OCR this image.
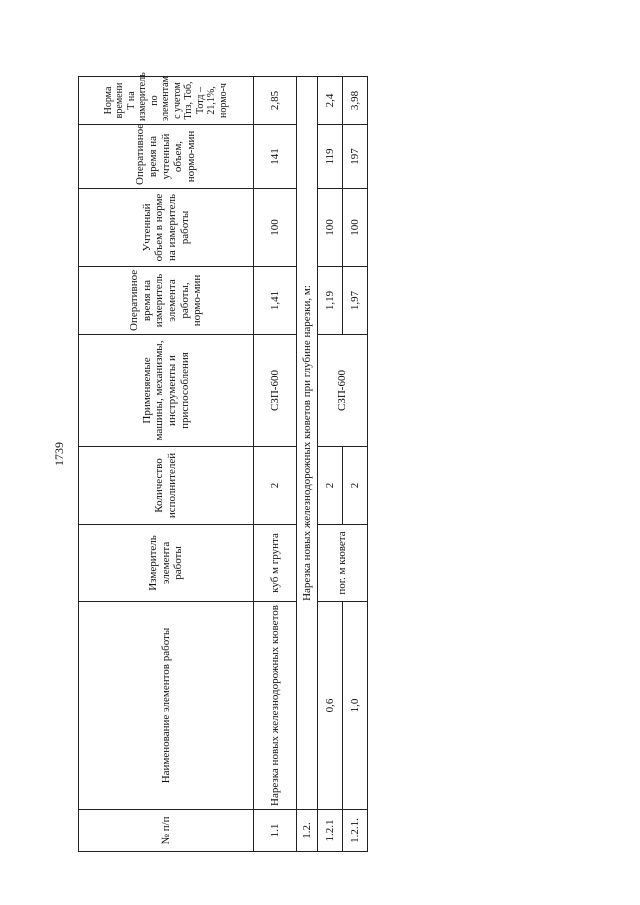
1739
№ п/п	Наименование элементов работы	Измеритель элемента работы	Количество исполнителей	Применяемые машины, механизмы, инструменты и приспособления	Оперативное время на измеритель элемента работы, нормо-мин	Учтенный объем в норме на измеритель работы	Оперативное время на учтенный объем, нормо-мин	Норма времени Т на измеритель по элементам с учетом Тпз, Тоб, Тотд – 21,1%, нормо-ч
1.1	Нарезка новых железнодорожных кюветов	куб м грунта	2	СЗП-600	1,41	100	141	2,85
1.2.	Нарезка новых железнодорожных кюветов при глубине нарезки, м:							
1.2.1	0,6	пог. м кювета	2	СЗП-600	1,19	100	119	2,4
1.2.1.	1,0		2		1,97	100	197	3,98
